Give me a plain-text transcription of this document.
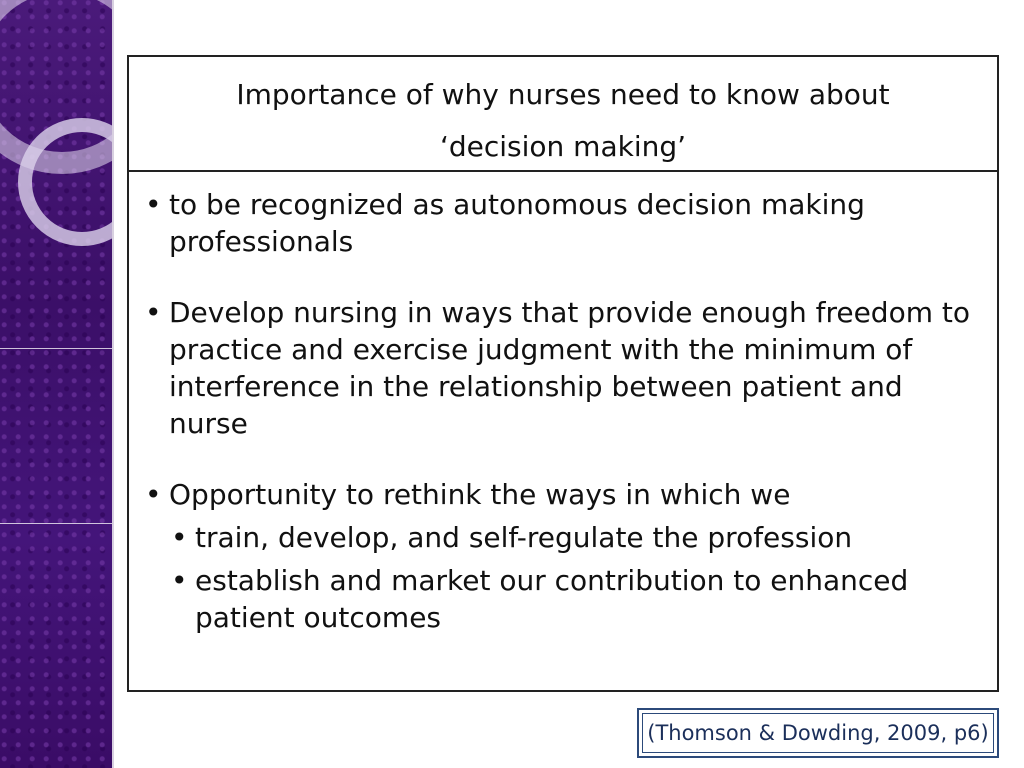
Importance of why nurses need to know about
‘decision making’
• to be recognized as autonomous decision making professionals
• Develop nursing in ways that provide enough freedom to practice and exercise judgment with the minimum of interference in the relationship between patient and nurse
• Opportunity to rethink the ways in which we
• train, develop, and self-regulate the profession
• establish and market our contribution to enhanced patient outcomes
(Thomson & Dowding, 2009, p6)
